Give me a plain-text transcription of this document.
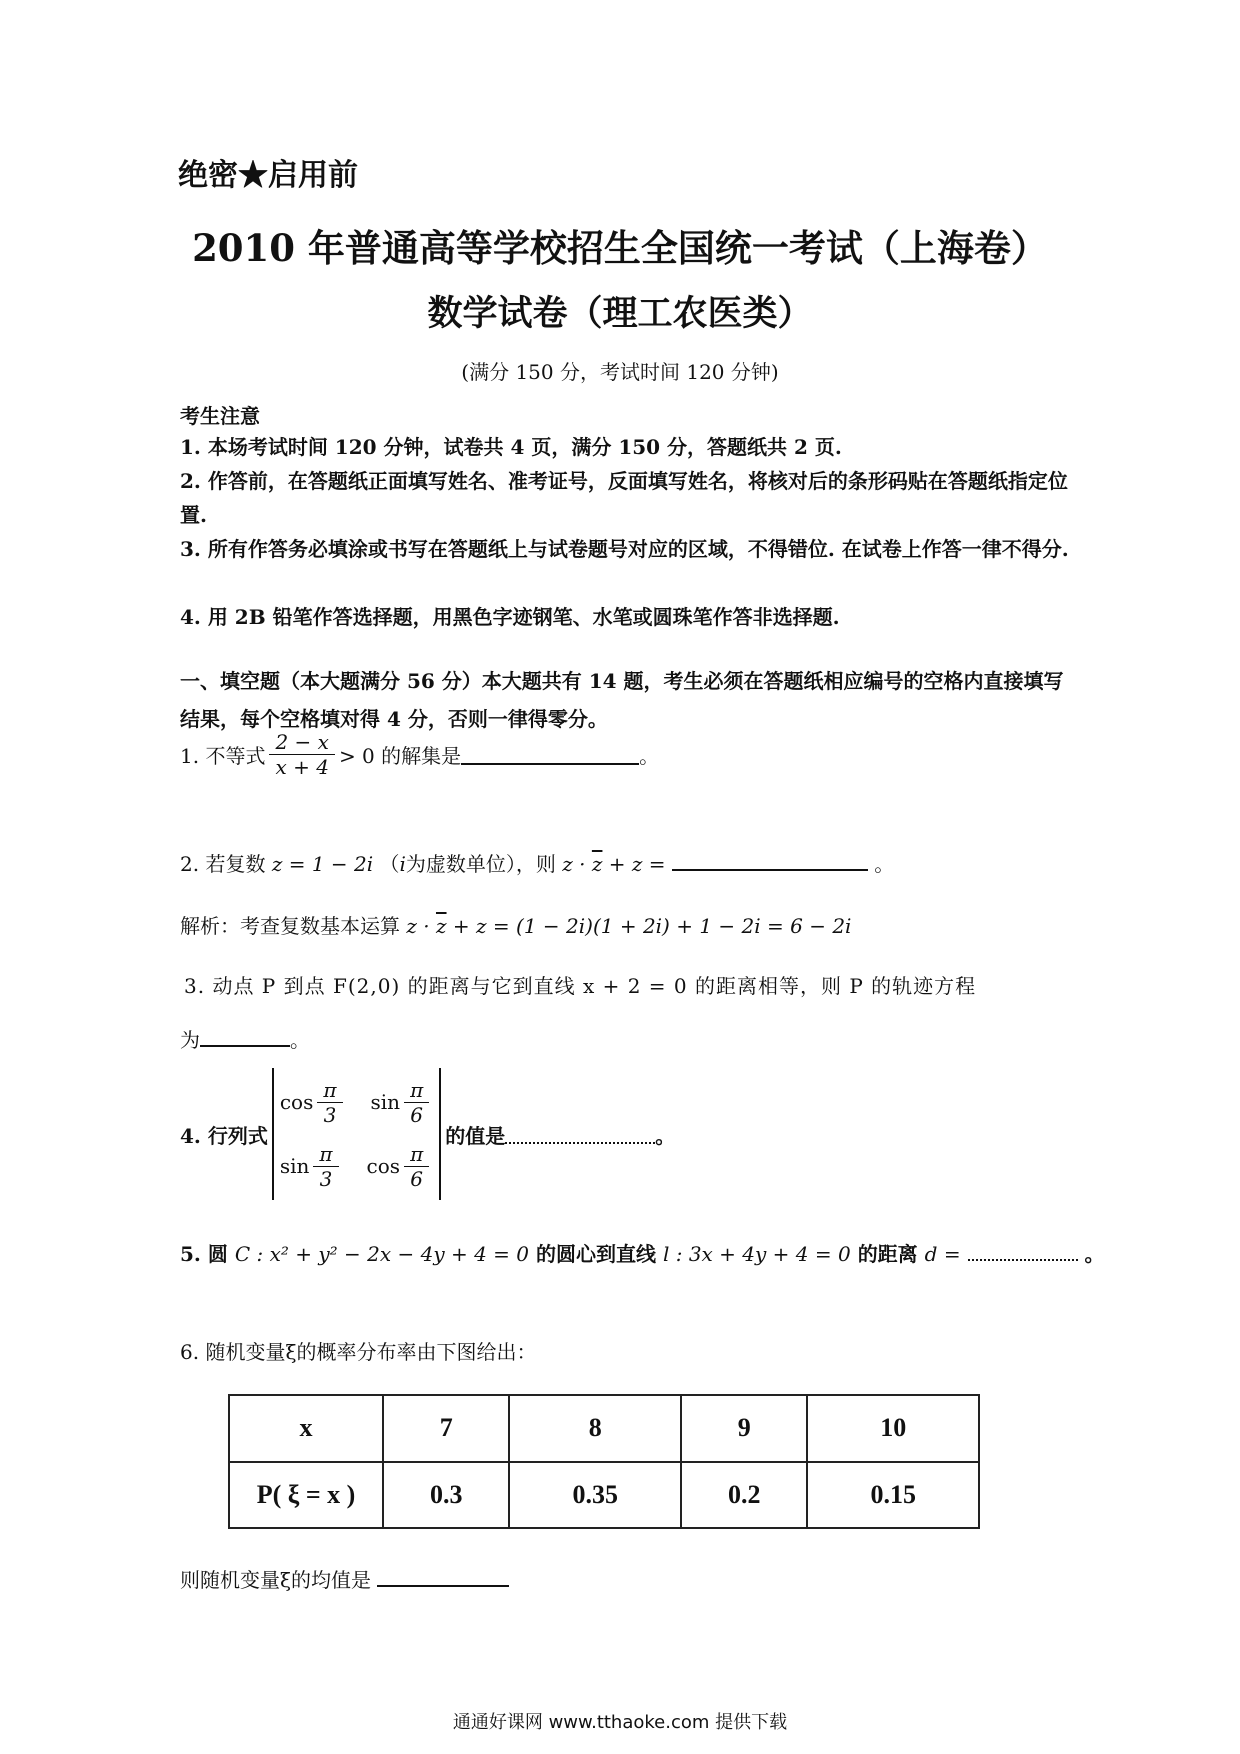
绝密★启用前
2010 年普通高等学校招生全国统一考试（上海卷）
数学试卷（理工农医类）
(满分 150 分，考试时间 120 分钟)
考生注意
1. 本场考试时间 120 分钟，试卷共 4 页，满分 150 分，答题纸共 2 页.
2. 作答前，在答题纸正面填写姓名、准考证号，反面填写姓名，将核对后的条形码贴在答题纸指定位置.
3. 所有作答务必填涂或书写在答题纸上与试卷题号对应的区域，不得错位. 在试卷上作答一律不得分.
4. 用 2B 铅笔作答选择题，用黑色字迹钢笔、水笔或圆珠笔作答非选择题.
一、填空题（本大题满分 56 分）本大题共有 14 题，考生必须在答题纸相应编号的空格内直接填写结果，每个空格填对得 4 分，否则一律得零分。
1. 不等式 $\frac{2 - x}{x + 4} > 0$ 的解集是	。
2. 若复数 z = 1 − 2i （i为虚数单位），则 $z \cdot \overline{z} + z$ =	。
解析：考查复数基本运算 $z \cdot \overline{z} + z = (1 - 2i)(1 + 2i) + 1 - 2i = 6 - 2i$
3. 动点 P 到点 F(2,0) 的距离与它到直线 x + 2 = 0 的距离相等，则 P 的轨迹方程
为	。
4. 行列式
$\cos \frac{\pi}{3}$ $\sin \frac{\pi}{6}$
$\sin \frac{\pi}{3}$ $\cos \frac{\pi}{6}$
的值是	。
5. 圆 C : x² + y² − 2x − 4y + 4 = 0 的圆心到直线 l : 3x + 4y + 4 = 0 的距离 d =	。
6. 随机变量ξ的概率分布率由下图给出：
x	7	8	9	10
P( ξ = x )	0.3	0.35	0.2	0.15
则随机变量ξ的均值是
通通好课网 www.tthaoke.com 提供下载
